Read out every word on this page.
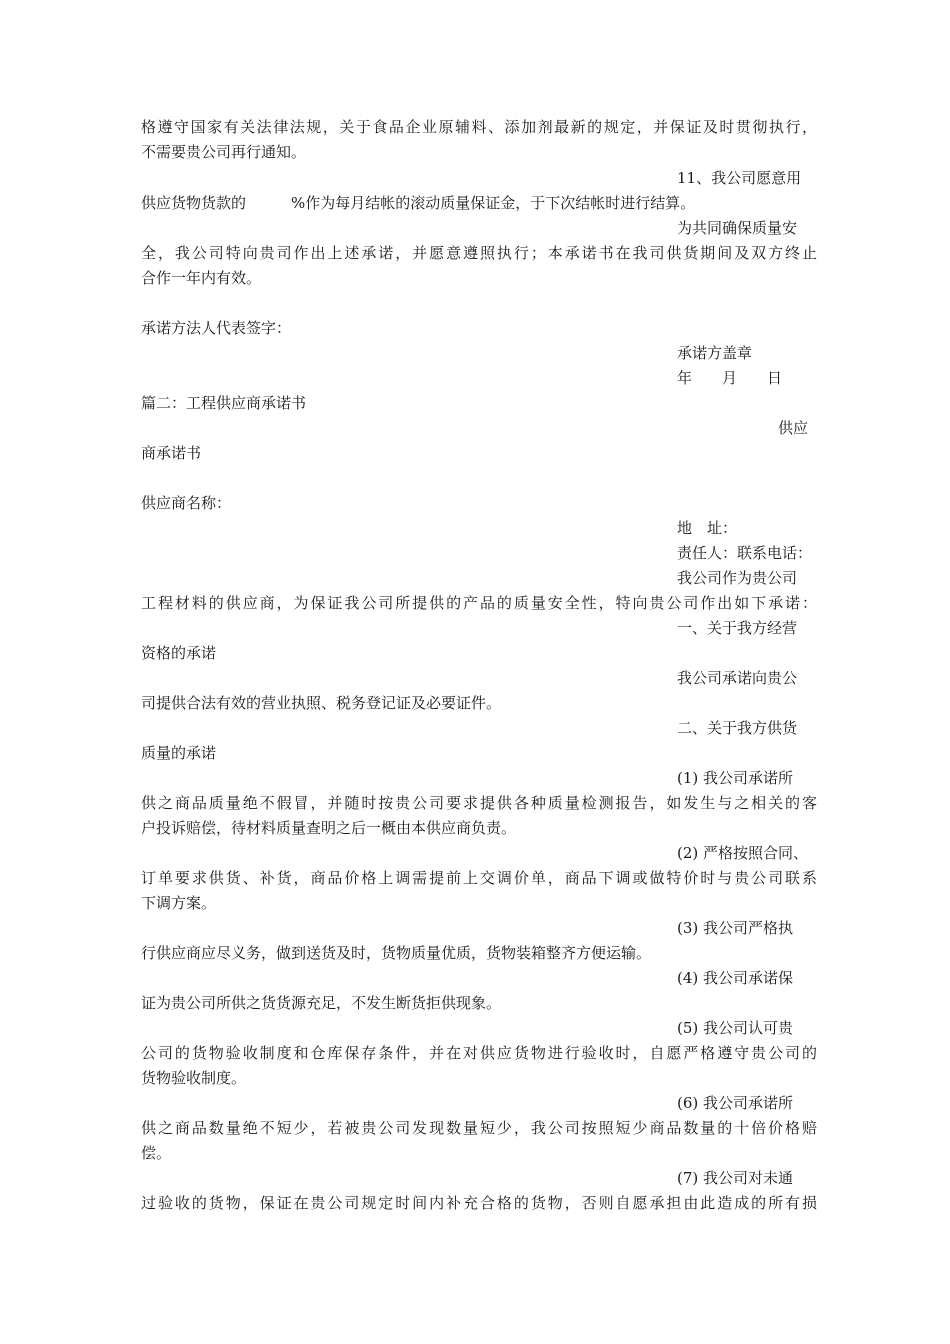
格遵守国家有关法律法规，关于食品企业原辅料、添加剂最新的规定，并保证及时贯彻执行，
不需要贵公司再行通知。
11、我公司愿意用
供应货物货款的　　　%作为每月结帐的滚动质量保证金，于下次结帐时进行结算。
为共同确保质量安
全，我公司特向贵司作出上述承诺，并愿意遵照执行；本承诺书在我司供货期间及双方终止
合作一年内有效。
承诺方法人代表签字：
承诺方盖章
年　　月　　日
篇二：工程供应商承诺书
供应
商承诺书
供应商名称：
地　址：
责任人：联系电话：
我公司作为贵公司
工程材料的供应商，为保证我公司所提供的产品的质量安全性，特向贵公司作出如下承诺：
一、关于我方经营
资格的承诺
我公司承诺向贵公
司提供合法有效的营业执照、税务登记证及必要证件。
二、关于我方供货
质量的承诺
(1) 我公司承诺所
供之商品质量绝不假冒，并随时按贵公司要求提供各种质量检测报告，如发生与之相关的客
户投诉赔偿，待材料质量查明之后一概由本供应商负责。
(2) 严格按照合同、
订单要求供货、补货，商品价格上调需提前上交调价单，商品下调或做特价时与贵公司联系
下调方案。
(3) 我公司严格执
行供应商应尽义务，做到送货及时，货物质量优质，货物装箱整齐方便运输。
(4) 我公司承诺保
证为贵公司所供之货货源充足，不发生断货拒供现象。
(5) 我公司认可贵
公司的货物验收制度和仓库保存条件，并在对供应货物进行验收时，自愿严格遵守贵公司的
货物验收制度。
(6) 我公司承诺所
供之商品数量绝不短少，若被贵公司发现数量短少，我公司按照短少商品数量的十倍价格赔
偿。
(7) 我公司对未通
过验收的货物，保证在贵公司规定时间内补充合格的货物，否则自愿承担由此造成的所有损
